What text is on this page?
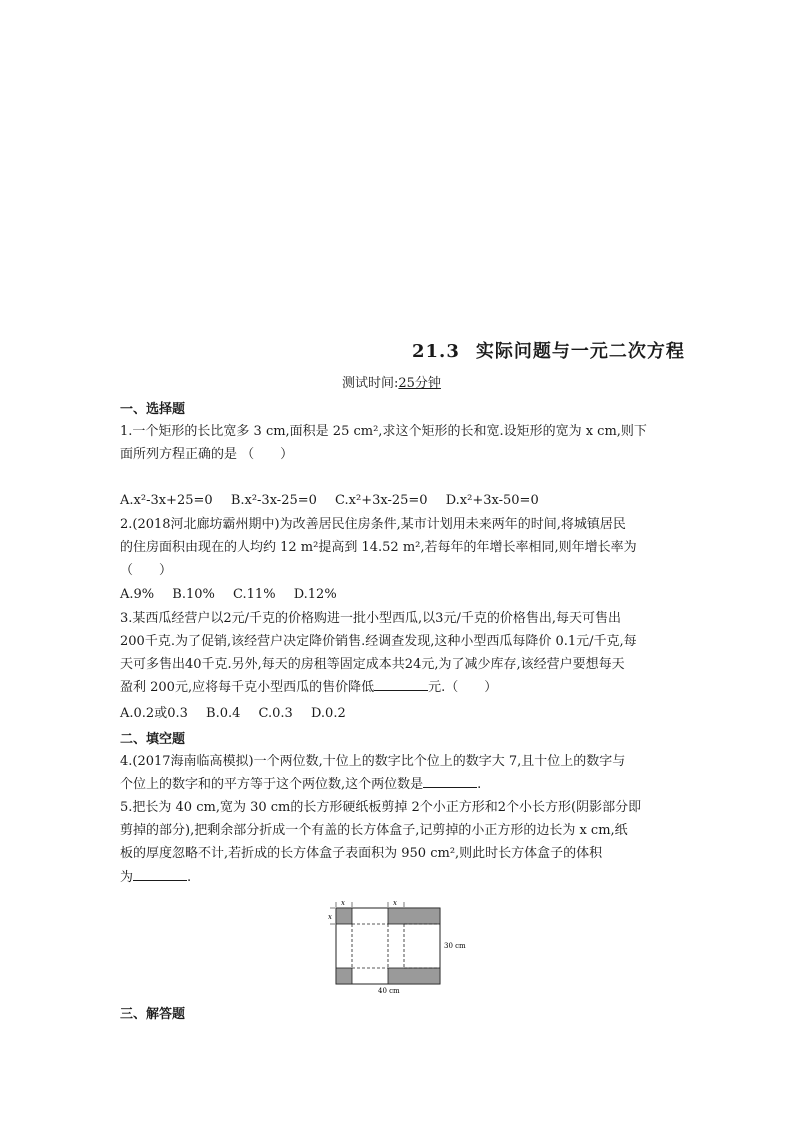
21.3 实际问题与一元二次方程
测试时间:25分钟
一、选择题
1.一个矩形的长比宽多 3 cm,面积是 25 cm²,求这个矩形的长和宽.设矩形的宽为 x cm,则下
面所列方程正确的是 （　　）
A.x²-3x+25=0 B.x²-3x-25=0 C.x²+3x-25=0 D.x²+3x-50=0
2.(2018河北廊坊霸州期中)为改善居民住房条件,某市计划用未来两年的时间,将城镇居民
的住房面积由现在的人均约 12 m²提高到 14.52 m²,若每年的年增长率相同,则年增长率为
（　　）
A.9% B.10% C.11% D.12%
3.某西瓜经营户以2元/千克的价格购进一批小型西瓜,以3元/千克的价格售出,每天可售出
200千克.为了促销,该经营户决定降价销售.经调查发现,这种小型西瓜每降价 0.1元/千克,每
天可多售出40千克.另外,每天的房租等固定成本共24元,为了减少库存,该经营户要想每天
盈利 200元,应将每千克小型西瓜的售价降低	元.（　　）
A.0.2或0.3 B.0.4 C.0.3 D.0.2
二、填空题
4.(2017海南临高模拟)一个两位数,十位上的数字比个位上的数字大 7,且十位上的数字与
个位上的数字和的平方等于这个两位数,这个两位数是	.
5.把长为 40 cm,宽为 30 cm的长方形硬纸板剪掉 2个小正方形和2个小长方形(阴影部分即
剪掉的部分),把剩余部分折成一个有盖的长方体盒子,记剪掉的小正方形的边长为 x cm,纸
板的厚度忽略不计,若折成的长方体盒子表面积为 950 cm²,则此时长方体盒子的体积
为	.
x	x
x
30 cm
40 cm
三、解答题
